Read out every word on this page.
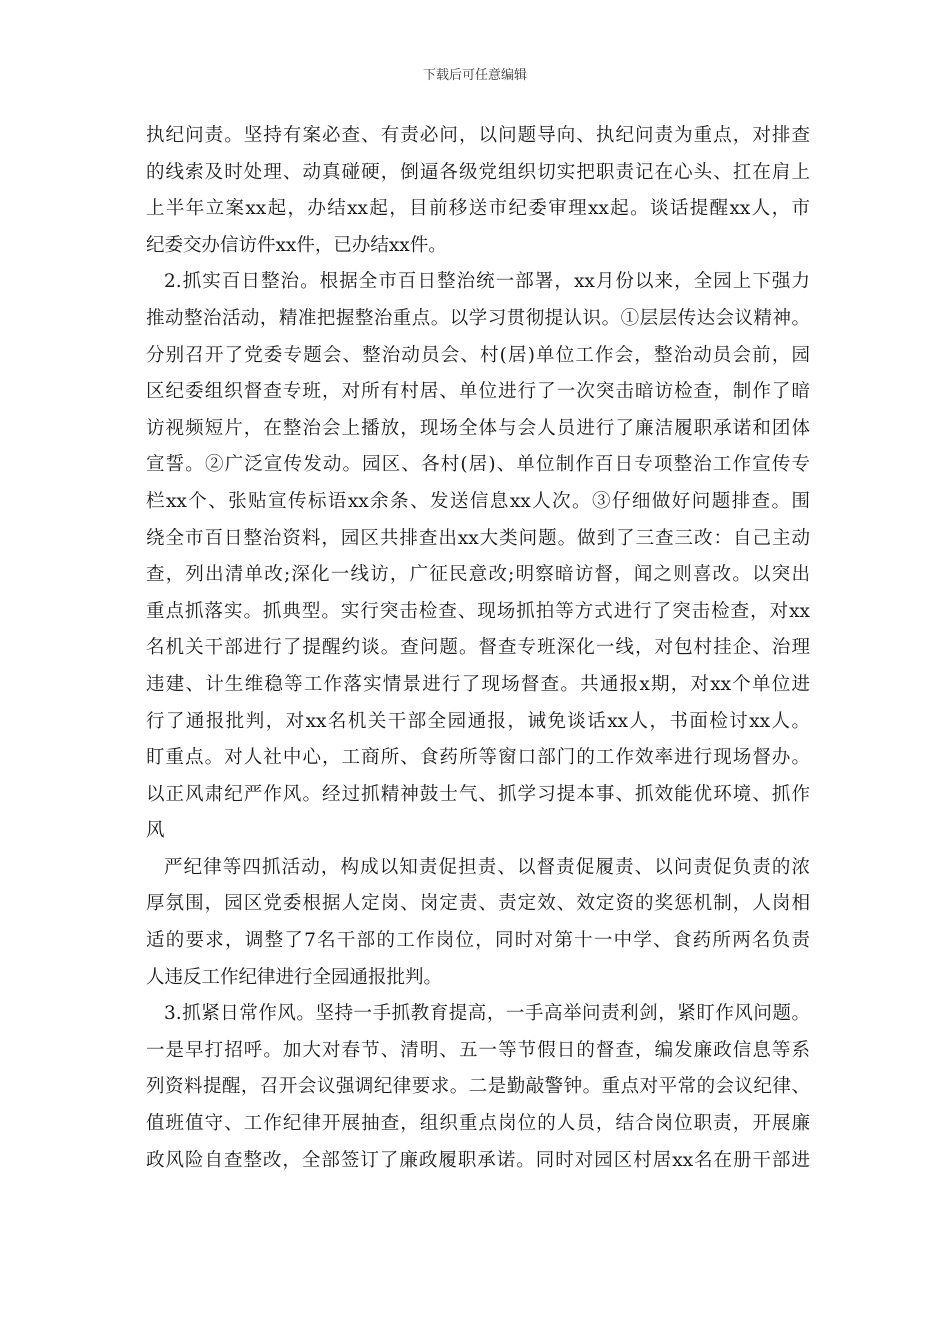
下载后可任意编辑
执纪问责。坚持有案必查、有责必问，以问题导向、执纪问责为重点，对排查
的线索及时处理、动真碰硬，倒逼各级党组织切实把职责记在心头、扛在肩上
上半年立案xx起，办结xx起，目前移送市纪委审理xx起。谈话提醒xx人，市
纪委交办信访件xx件，已办结xx件。
2.抓实百日整治。根据全市百日整治统一部署，xx月份以来，全园上下强力
推动整治活动，精准把握整治重点。以学习贯彻提认识。①层层传达会议精神。
分别召开了党委专题会、整治动员会、村(居)单位工作会，整治动员会前，园
区纪委组织督查专班，对所有村居、单位进行了一次突击暗访检查，制作了暗
访视频短片，在整治会上播放，现场全体与会人员进行了廉洁履职承诺和团体
宣誓。②广泛宣传发动。园区、各村(居)、单位制作百日专项整治工作宣传专
栏xx个、张贴宣传标语xx余条、发送信息xx人次。③仔细做好问题排查。围
绕全市百日整治资料，园区共排查出xx大类问题。做到了三查三改：自己主动
查，列出清单改;深化一线访，广征民意改;明察暗访督，闻之则喜改。以突出
重点抓落实。抓典型。实行突击检查、现场抓拍等方式进行了突击检查，对xx
名机关干部进行了提醒约谈。查问题。督查专班深化一线，对包村挂企、治理
违建、计生维稳等工作落实情景进行了现场督查。共通报x期，对xx个单位进
行了通报批判，对xx名机关干部全园通报，诫免谈话xx人，书面检讨xx人。
盯重点。对人社中心，工商所、食药所等窗口部门的工作效率进行现场督办。
以正风肃纪严作风。经过抓精神鼓士气、抓学习提本事、抓效能优环境、抓作
风
严纪律等四抓活动，构成以知责促担责、以督责促履责、以问责促负责的浓
厚氛围，园区党委根据人定岗、岗定责、责定效、效定资的奖惩机制，人岗相
适的要求，调整了7名干部的工作岗位，同时对第十一中学、食药所两名负责
人违反工作纪律进行全园通报批判。
3.抓紧日常作风。坚持一手抓教育提高，一手高举问责利剑，紧盯作风问题。
一是早打招呼。加大对春节、清明、五一等节假日的督查，编发廉政信息等系
列资料提醒，召开会议强调纪律要求。二是勤敲警钟。重点对平常的会议纪律、
值班值守、工作纪律开展抽查，组织重点岗位的人员，结合岗位职责，开展廉
政风险自查整改，全部签订了廉政履职承诺。同时对园区村居xx名在册干部进
